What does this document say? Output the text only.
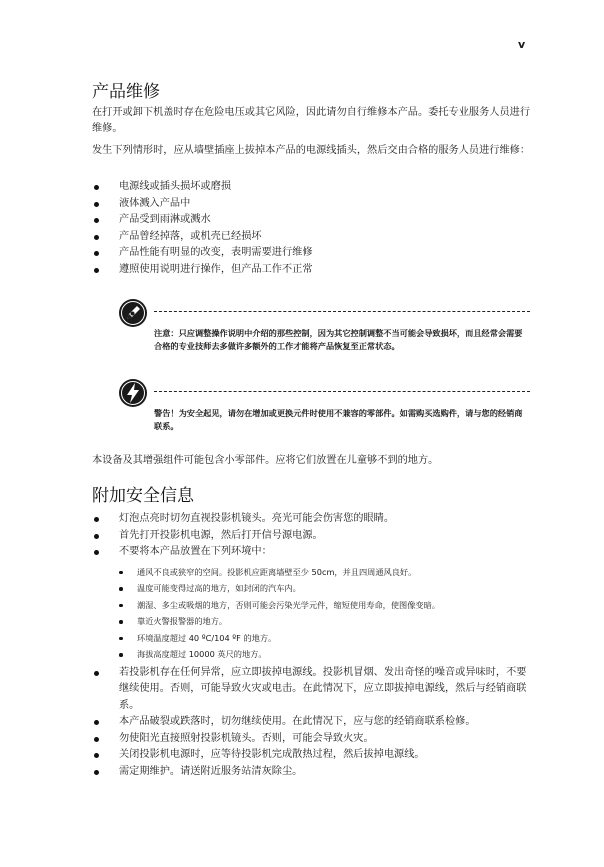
v
产品维修

在打开或卸下机盖时存在危险电压或其它风险，因此请勿自行维修本产品。委托专业服务人员进行维修。

发生下列情形时，应从墙壁插座上拔掉本产品的电源线插头，然后交由合格的服务人员进行维修：

电源线或插头损坏或磨损
液体溅入产品中
产品受到雨淋或溅水
产品曾经掉落，或机壳已经损坏
产品性能有明显的改变，表明需要进行维修
遵照使用说明进行操作，但产品工作不正常

注意：只应调整操作说明中介绍的那些控制，因为其它控制调整不当可能会导致损坏，而且经常会需要合格的专业技师去多做许多额外的工作才能将产品恢复至正常状态。

警告！为安全起见，请勿在增加或更换元件时使用不兼容的零部件。如需购买选购件，请与您的经销商联系。

本设备及其增强组件可能包含小零部件。应将它们放置在儿童够不到的地方。

附加安全信息
灯泡点亮时切勿直视投影机镜头。亮光可能会伤害您的眼睛。
首先打开投影机电源，然后打开信号源电源。
不要将本产品放置在下列环境中：
通风不良或狭窄的空间。投影机应距离墙壁至少 50cm，并且四周通风良好。
温度可能变得过高的地方，如封闭的汽车内。
潮湿、多尘或吸烟的地方，否则可能会污染光学元件，缩短使用寿命，使图像变暗。
靠近火警报警器的地方。
环境温度超过 40 ºC/104 ºF 的地方。
海拔高度超过 10000 英尺的地方。
若投影机存在任何异常，应立即拔掉电源线。投影机冒烟、发出奇怪的噪音或异味时，不要继续使用。否则，可能导致火灾或电击。在此情况下，应立即拔掉电源线，然后与经销商联系。
本产品破裂或跌落时，切勿继续使用。在此情况下，应与您的经销商联系检修。
勿使阳光直接照射投影机镜头。否则，可能会导致火灾。
关闭投影机电源时，应等待投影机完成散热过程，然后拔掉电源线。
需定期维护。请送附近服务站清灰除尘。
